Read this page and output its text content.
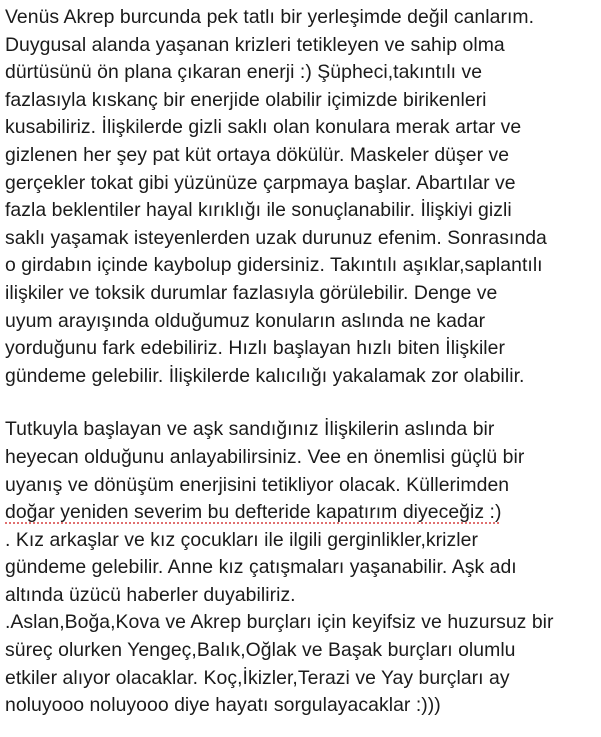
Venüs Akrep burcunda pek tatlı bir yerleşimde değil canlarım.
Duygusal alanda yaşanan krizleri tetikleyen ve sahip olma
dürtüsünü ön plana çıkaran enerji :) Şüpheci,takıntılı ve
fazlasıyla kıskanç bir enerjide olabilir içimizde birikenleri
kusabiliriz. İlişkilerde gizli saklı olan konulara merak artar ve
gizlenen her şey pat küt ortaya dökülür. Maskeler düşer ve
gerçekler tokat gibi yüzünüze çarpmaya başlar. Abartılar ve
fazla beklentiler hayal kırıklığı ile sonuçlanabilir. İlişkiyi gizli
saklı yaşamak isteyenlerden uzak durunuz efenim. Sonrasında
o girdabın içinde kaybolup gidersiniz. Takıntılı aşıklar,saplantılı
ilişkiler ve toksik durumlar fazlasıyla görülebilir. Denge ve
uyum arayışında olduğumuz konuların aslında ne kadar
yorduğunu fark edebiliriz. Hızlı başlayan hızlı biten İlişkiler
gündeme gelebilir. İlişkilerde kalıcılığı yakalamak zor olabilir.
Tutkuyla başlayan ve aşk sandığınız İlişkilerin aslında bir
heyecan olduğunu anlayabilirsiniz. Vee en önemlisi güçlü bir
uyanış ve dönüşüm enerjisini tetikliyor olacak. Küllerimden
doğar yeniden severim bu defteride kapatırım diyeceğiz :)
. Kız arkaşlar ve kız çocukları ile ilgili gerginlikler,krizler
gündeme gelebilir. Anne kız çatışmaları yaşanabilir. Aşk adı
altında üzücü haberler duyabiliriz.
.Aslan,Boğa,Kova ve Akrep burçları için keyifsiz ve huzursuz bir
süreç olurken Yengeç,Balık,Oğlak ve Başak burçları olumlu
etkiler alıyor olacaklar. Koç,İkizler,Terazi ve Yay burçları ay
noluyooo noluyooo diye hayatı sorgulayacaklar :)))
